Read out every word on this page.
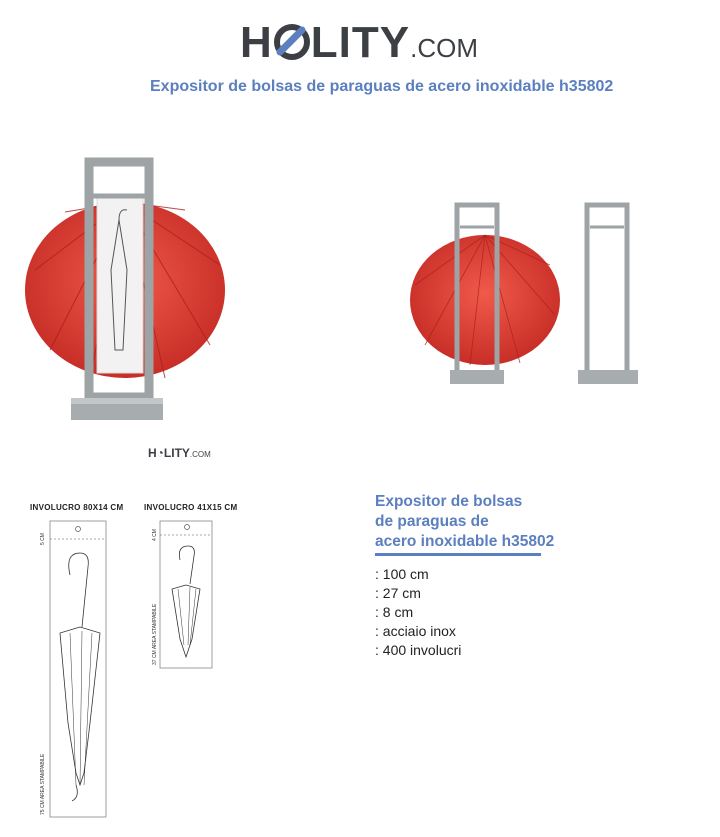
H LITY.COM
Expositor de bolsas de paraguas de acero inoxidable h35802
H◔LITY.COM
INVOLUCRO 80X14 CM	INVOLUCRO 41X15 CM
5 CM
75 CM AREA STAMPABILE
4 CM
37 CM AREA STAMPABILE
Expositor de bolsas
de paraguas de
acero inoxidable h35802
: 100 cm
: 27 cm
: 8 cm
: acciaio inox
: 400 involucri
